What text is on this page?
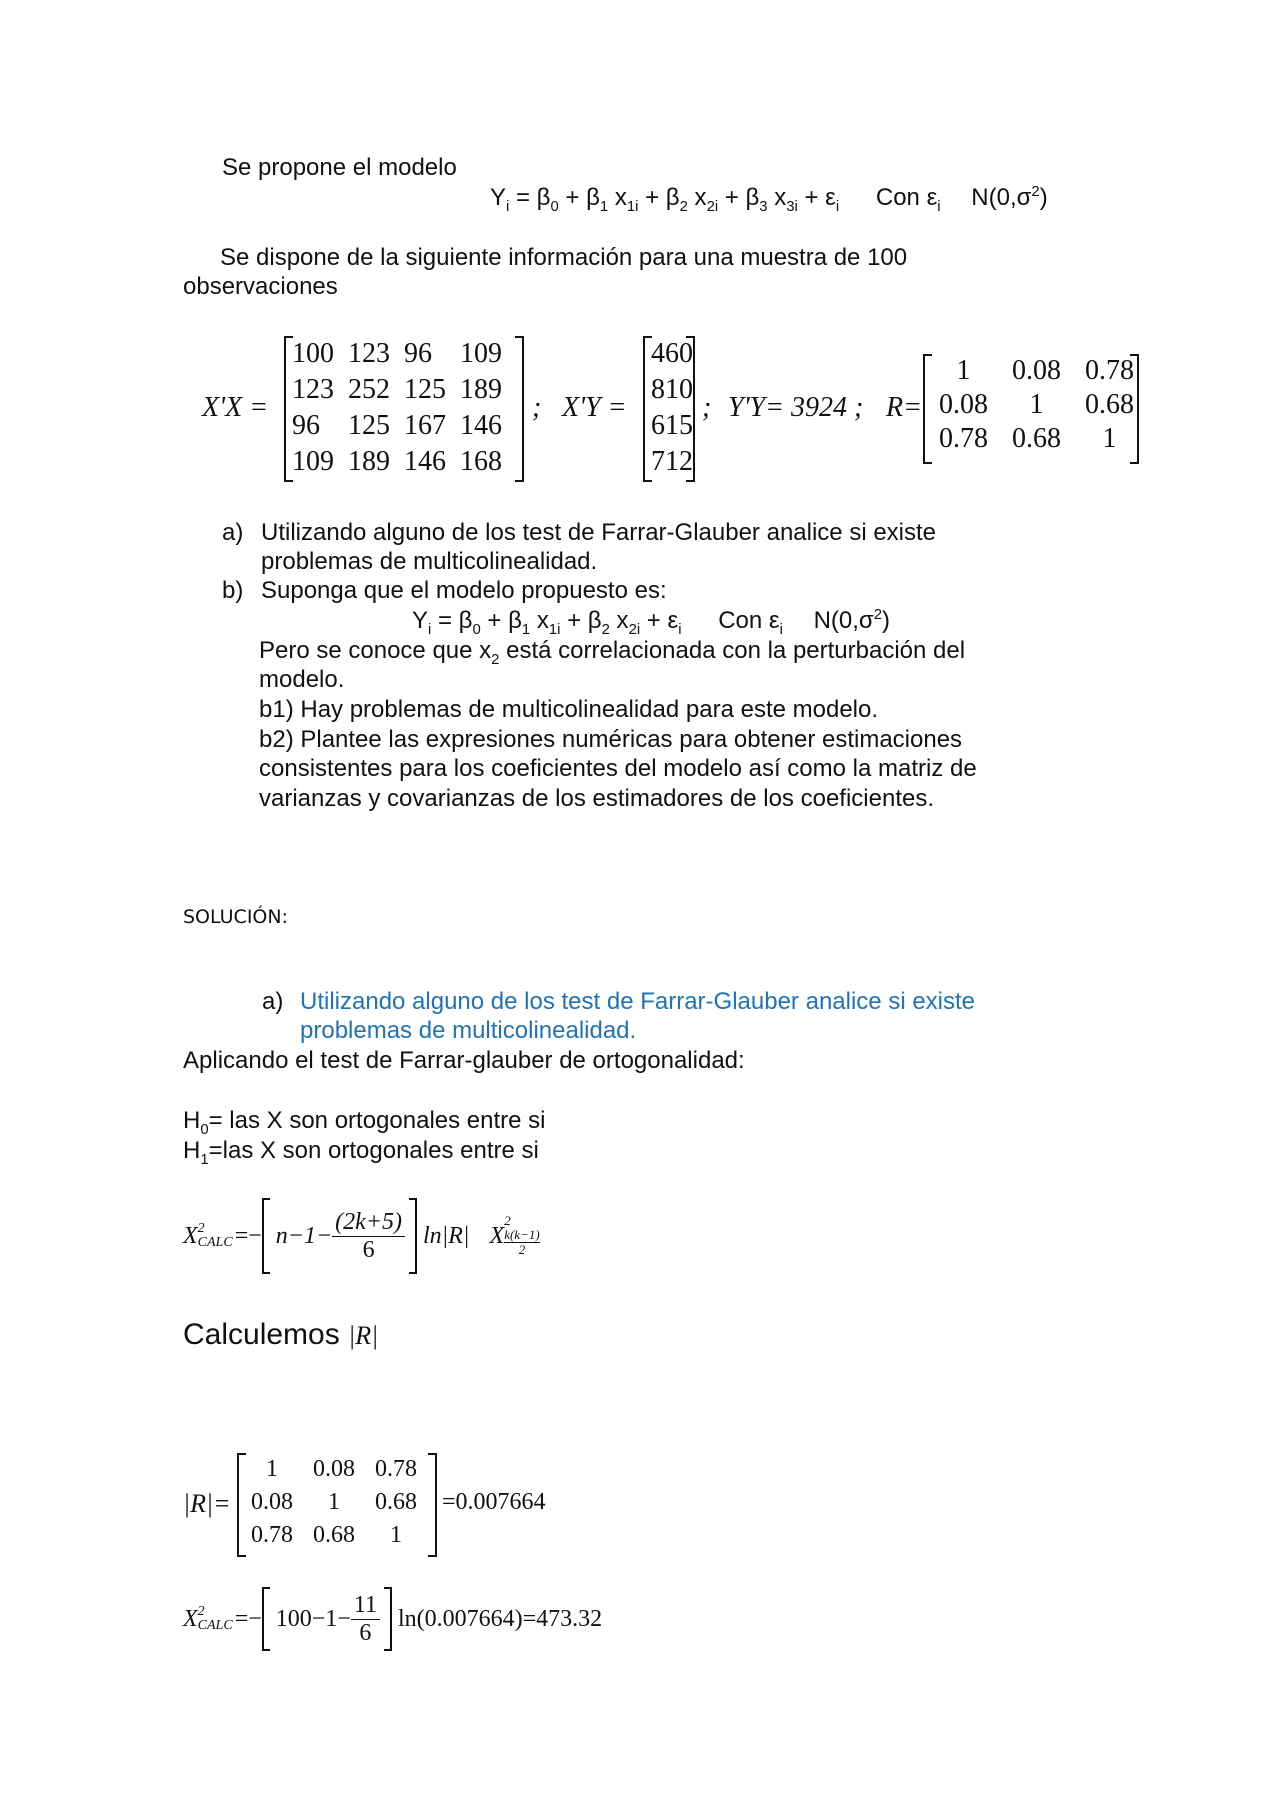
Se propone el modelo
$Y_i = \beta_0 + \beta_1$ $x_{1i} + \beta_2$ $x_{2i} + \beta_3$ $x_{3i} + \varepsilon_i$ Con $\varepsilon_i$ $N(0,\sigma^2)$
Se dispone de la siguiente información para una muestra de 100
observaciones
X'X =
100	123	96	109
123	252	125	189
96	125	167	146
109	189	146	168
; X'Y =
460
810
615
712
; Y'Y= 3924 ; R=
1	0.08	0.78
0.08	1	0.68
0.78	0.68	1
a) Utilizando alguno de los test de Farrar-Glauber analice si existe
problemas de multicolinealidad.
b) Suponga que el modelo propuesto es:
$Y_i = \beta_0 + \beta_1$ $x_{1i} + \beta_2$ $x_{2i} + \varepsilon_i$ Con $\varepsilon_i$ $N(0,\sigma^2)$
Pero se conoce que $x_2$ está correlacionada con la perturbación del
modelo.
b1) Hay problemas de multicolinealidad para este modelo.
b2) Plantee las expresiones numéricas para obtener estimaciones
consistentes para los coeficientes del modelo así como la matriz de
varianzas y covarianzas de los estimadores de los coeficientes.
SOLUCIÓN:
a) Utilizando alguno de los test de Farrar-Glauber analice si existe
problemas de multicolinealidad.
Aplicando el test de Farrar-glauber de ortogonalidad:
$H_0=$ las X son ortogonales entre si
$H_1=las$ X son ortogonales entre si
X 2
CALC =− $n-1- \frac{(2k+5)}{6} \ln|R|$ X
2
k(k−1)
2
Calculemos |R|
|R|=
1	0.08	0.78
0.08	1	0.68
0.78	0.68	1
=0.007664
X 2
CALC =− $100-1- \frac{11}{6} \ln(0.007664)=473.32$
